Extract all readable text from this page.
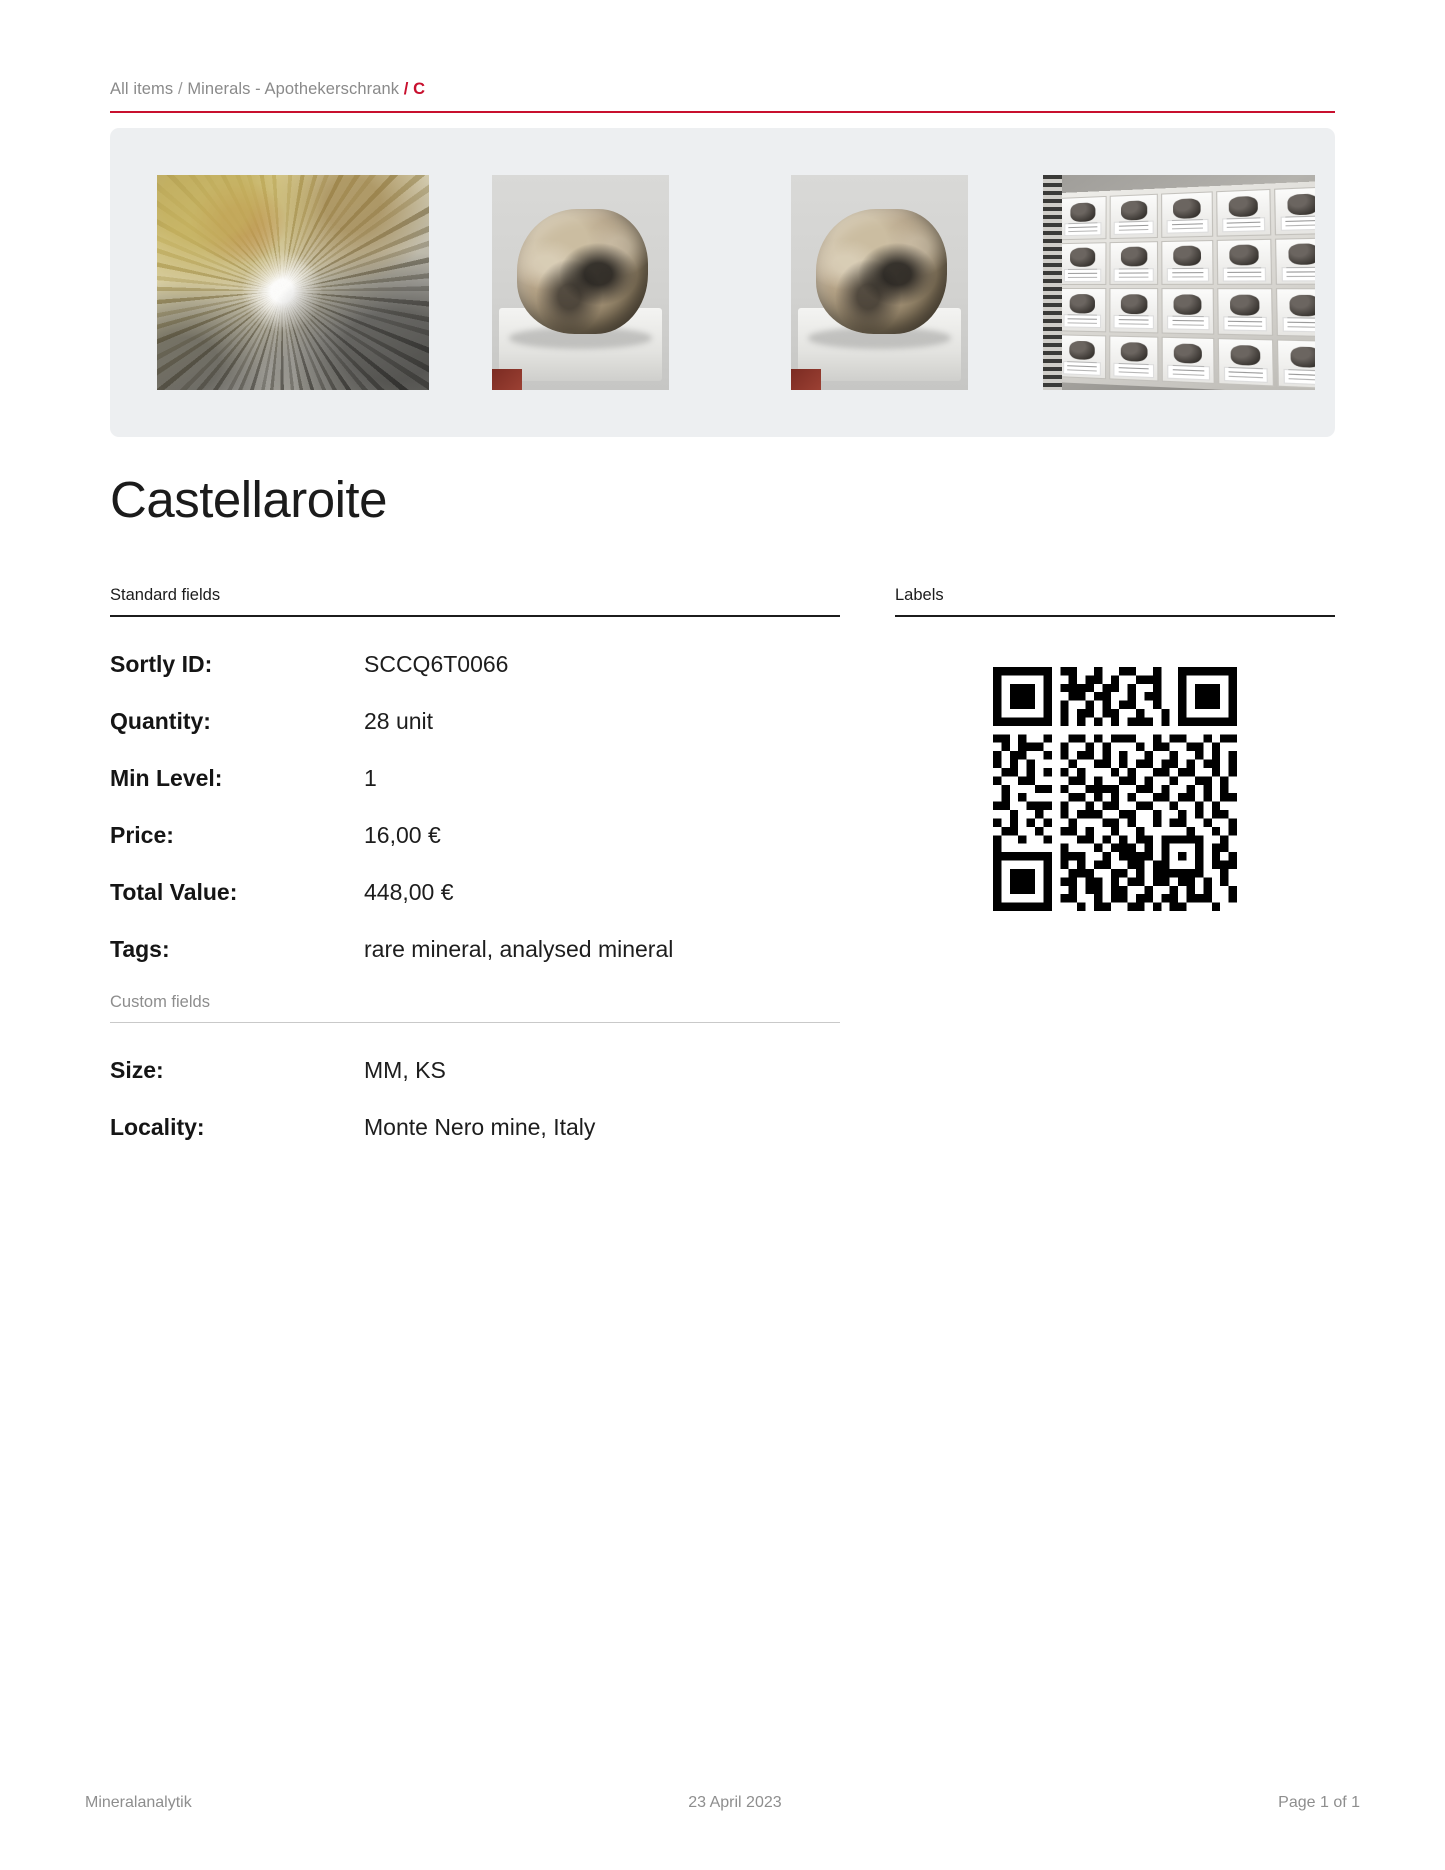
All items / Minerals - Apothekerschrank / C
Castellaroite
Standard fields
Sortly ID:	SCCQ6T0066
Quantity:	28 unit
Min Level:	1
Price:	16,00 €
Total Value:	448,00 €
Tags:	rare mineral, analysed mineral
Custom fields
Size:	MM, KS
Locality:	Monte Nero mine, Italy
Labels
Mineralanalytik	23 April 2023	Page 1 of 1
